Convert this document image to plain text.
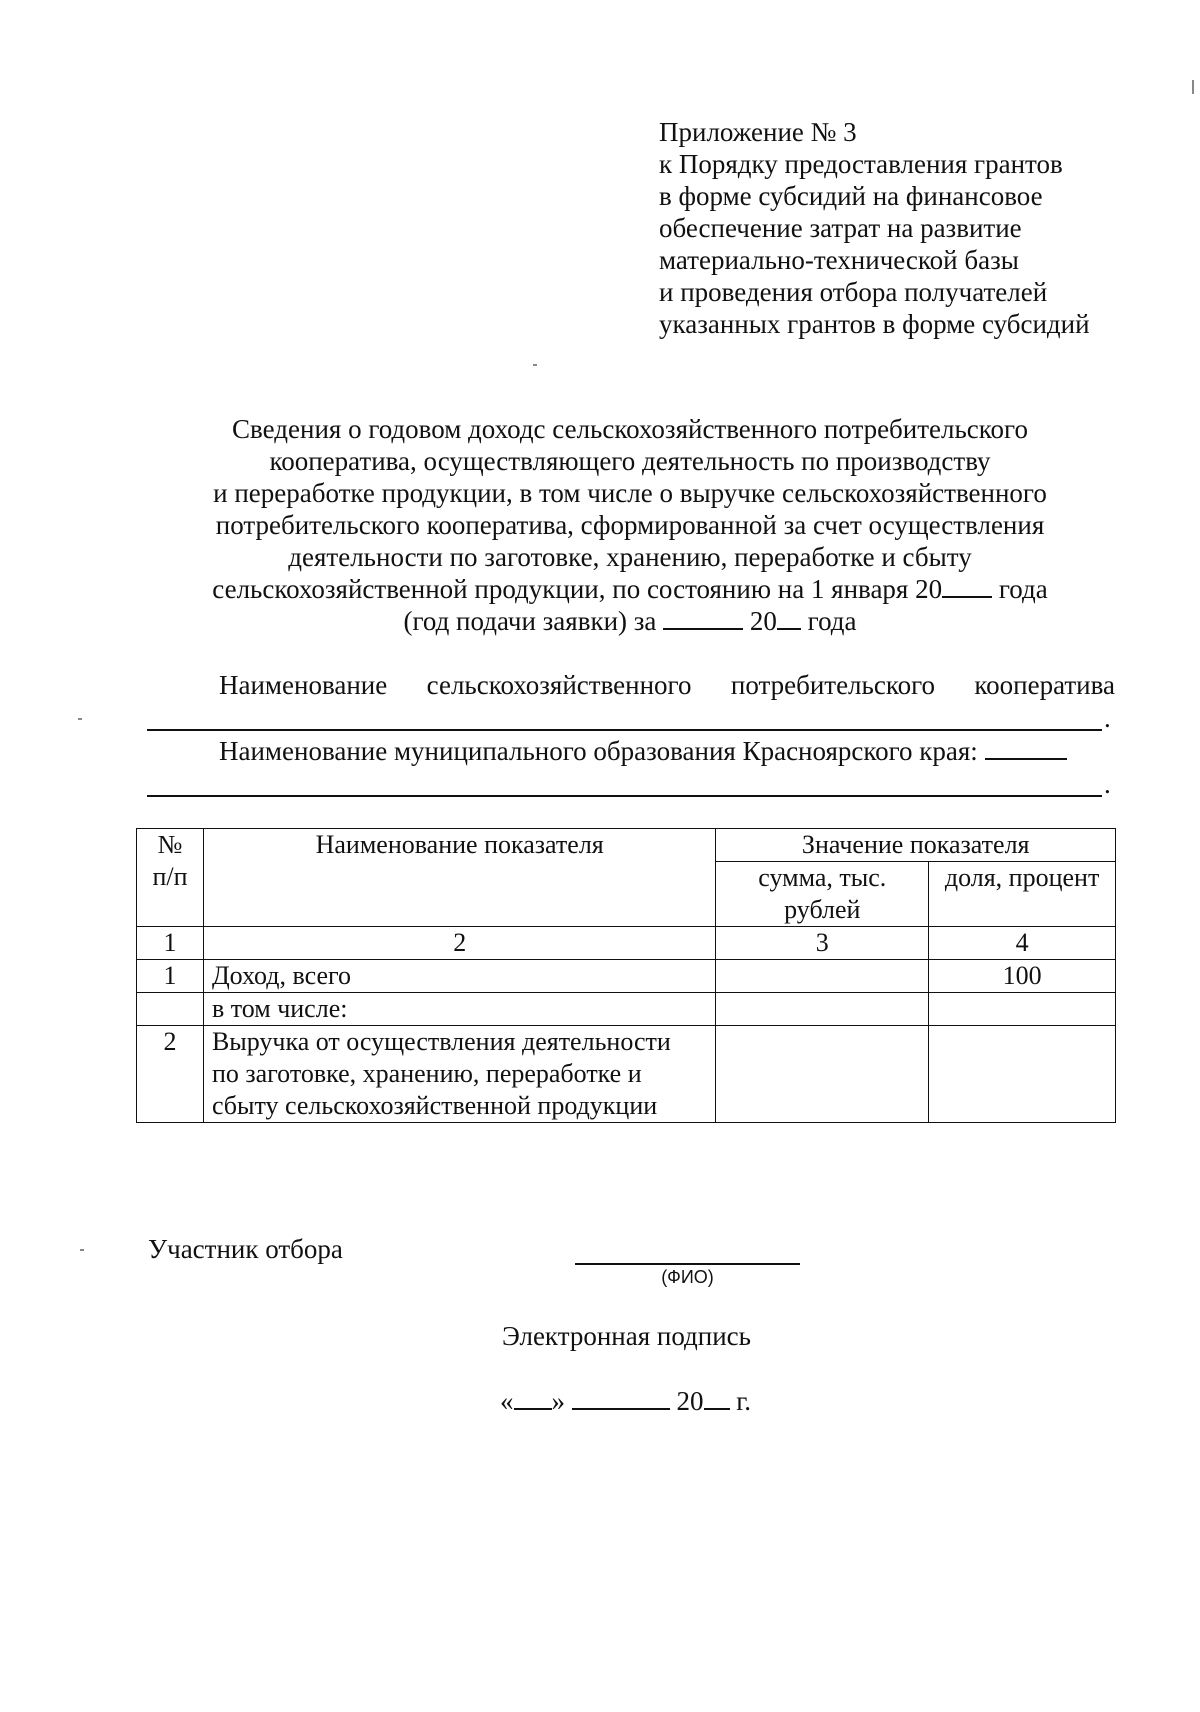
Приложение № 3
к Порядку предоставления грантов
в форме субсидий на финансовое
обеспечение затрат на развитие
материально-технической базы
и проведения отбора получателей
указанных грантов в форме субсидий
Сведения о годовом доходс сельскохозяйственного потребительского
кооператива, осуществляющего деятельность по производству
и переработке продукции, в том числе о выручке сельскохозяйственного
потребительского кооператива, сформированной за счет осуществления
деятельности по заготовке, хранению, переработке и сбыту
сельскохозяйственной продукции, по состоянию на 1 января 20 года
(год подачи заявки) за	20 года
Наименование сельскохозяйственного потребительского кооператива
.
Наименование муниципального образования Красноярского края:
.
№ п/п	Наименование показателя	Значение показателя	
		сумма, тыс. рублей	доля, процент
1	2	3	4
1	Доход, всего		100
	в том числе:		
2	Выручка от осуществления деятельности по заготовке, хранению, переработке и сбыту сельскохозяйственной продукции		
Участник отбора
(ФИО)
Электронная подпись
« »	20 г.
